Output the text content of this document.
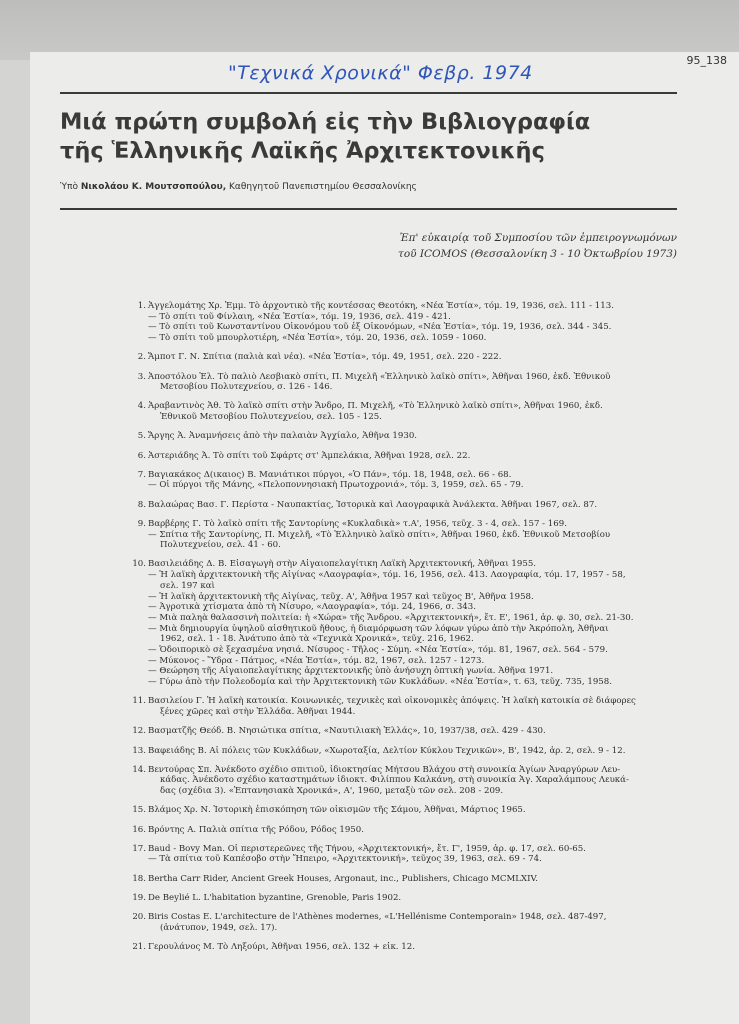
"Τεχνικά Χρονικά" Φεβρ. 1974
95_138
Μιά πρώτη συμβολή εἰς τὴν Βιβλιογραφία
τῆς Ἑλληνικῆς Λαϊκῆς Ἀρχιτεκτονικῆς
Ὑπὸ Νικολάου Κ. Μουτσοπούλου, Καθηγητοῦ Πανεπιστημίου Θεσσαλονίκης
Ἐπ' εὐκαιρίᾳ τοῦ Συμποσίου τῶν ἐμπειρογνωμόνων
τοῦ ICOMOS (Θεσσαλονίκη 3 - 10 Ὀκτωβρίου 1973)
1. Ἀγγελομάτης Χρ. Ἐμμ. Τὸ ἀρχοντικὸ τῆς κοντέσσας Θεοτόκη, «Νέα Ἑστία», τόμ. 19, 1936, σελ. 111 - 113.
— Τὸ σπίτι τοῦ Φίνλαιη, «Νέα Ἑστία», τόμ. 19, 1936, σελ. 419 - 421.
— Τὸ σπίτι τοῦ Κωνσταντίνου Οἰκονόμου τοῦ ἐξ Οἰκονόμων, «Νέα Ἑστία», τόμ. 19, 1936, σελ. 344 - 345.
— Τὸ σπίτι τοῦ μπουρλοτιέρη, «Νέα Ἑστία», τόμ. 20, 1936, σελ. 1059 - 1060.
2. Ἄμποτ Γ. Ν. Σπίτια (παλιὰ καὶ νέα). «Νέα Ἑστία», τόμ. 49, 1951, σελ. 220 - 222.
3. Ἀποστόλου Ἐλ. Τὸ παλιὸ Λεσβιακὸ σπίτι, Π. Μιχελῆ «Ἑλληνικὸ λαϊκὸ σπίτι», Ἀθῆναι 1960, ἐκδ. Ἐθνικοῦ
Μετσοβίου Πολυτεχνείου, σ. 126 - 146.
4. Ἀραβαντινὸς Ἀθ. Τὸ λαϊκὸ σπίτι στὴν Ἄνδρο, Π. Μιχελῆ, «Τὸ Ἑλληνικὸ λαϊκὸ σπίτι», Ἀθῆναι 1960, ἐκδ.
Ἐθνικοῦ Μετσοβίου Πολυτεχνείου, σελ. 105 - 125.
5. Ἄργης Ἀ. Ἀναμνήσεις ἀπὸ τὴν παλαιὰν Ἀγχίαλο, Ἀθῆνα 1930.
6. Ἀστεριάδης Ἀ. Τὸ σπίτι τοῦ Σφάρτς στ' Ἀμπελάκια, Ἀθῆναι 1928, σελ. 22.
7. Βαγιακάκος Δ(ικαιος) Β. Μανιάτικοι πύργοι, «Ὁ Πάν», τόμ. 18, 1948, σελ. 66 - 68.
— Οἱ πύργοι τῆς Μάνης, «Πελοποννησιακὴ Πρωτοχρονιά», τόμ. 3, 1959, σελ. 65 - 79.
8. Βαλαώρας Βασ. Γ. Περίστα - Ναυπακτίας, Ἱστορικὰ καὶ Λαογραφικὰ Ἀνάλεκτα. Ἀθῆναι 1967, σελ. 87.
9. Βαρβέρης Γ. Τὸ λαϊκὸ σπίτι τῆς Σαντορίνης «Κυκλαδικὰ» τ.Α', 1956, τεῦχ. 3 - 4, σελ. 157 - 169.
— Σπίτια τῆς Σαντορίνης, Π. Μιχελῆ, «Τὸ Ἑλληνικὸ λαϊκὸ σπίτι», Ἀθῆναι 1960, ἐκδ. Ἐθνικοῦ Μετσοβίου
Πολυτεχνείου, σελ. 41 - 60.
10. Βασιλειάδης Δ. Β. Εἰσαγωγὴ στὴν Αἰγαιοπελαγίτικη Λαϊκὴ Ἀρχιτεκτονική, Ἀθῆναι 1955.
— Ἡ λαϊκὴ ἀρχιτεκτονικὴ τῆς Αἰγίνας «Λαογραφία», τόμ. 16, 1956, σελ. 413. Λαογραφία, τόμ. 17, 1957 - 58,
σελ. 197 καὶ
— Ἡ λαϊκὴ ἀρχιτεκτονικὴ τῆς Αἰγίνας, τεῦχ. Α', Ἀθῆνα 1957 καὶ τεῦχος Β', Ἀθῆνα 1958.
— Ἀγροτικὰ χτίσματα ἀπὸ τὴ Νίσυρο, «Λαογραφία», τόμ. 24, 1966, σ. 343.
— Μιὰ παληὰ θαλασσινὴ πολιτεία: ἡ «Χώρα» τῆς Ἄνδρου. «Ἀρχιτεκτονική», ἔτ. Ε', 1961, ἀρ. φ. 30, σελ. 21-30.
— Μιὰ δημιουργία ὑψηλοῦ αἰσθητικοῦ ἤθους, ἡ διαμόρφωση τῶν λόφων γύρω ἀπὸ τὴν Ἀκρόπολη, Ἀθῆναι
1962, σελ. 1 - 18. Ἀνάτυπο ἀπὸ τὰ «Τεχνικὰ Χρονικά», τεῦχ. 216, 1962.
— Ὁδοιπορικὸ σὲ ξεχασμένα νησιά. Νίσυρος - Τῆλος - Σύμη. «Νέα Ἑστία», τόμ. 81, 1967, σελ. 564 - 579.
— Μύκονος - Ὕδρα - Πάτμος, «Νέα Ἑστία», τόμ. 82, 1967, σελ. 1257 - 1273.
— Θεώρηση τῆς Αἰγαιοπελαγίτικης ἀρχιτεκτονικῆς ὑπὸ ἀνήσυχη ὀπτικὴ γωνία. Ἀθῆνα 1971.
— Γύρω ἀπὸ τὴν Πολεοδομία καὶ τὴν Ἀρχιτεκτονικὴ τῶν Κυκλάδων. «Νέα Ἑστία», τ. 63, τεῦχ. 735, 1958.
11. Βασιλείου Γ. Ἡ λαϊκὴ κατοικία. Κοινωνικές, τεχνικὲς καὶ οἰκονομικὲς ἀπόψεις. Ἡ λαϊκὴ κατοικία σὲ διάφορες
ξένες χῶρες καὶ στὴν Ἑλλάδα. Ἀθῆναι 1944.
12. Βασματζῆς Θεόδ. Β. Νησιώτικα σπίτια, «Ναυτιλιακὴ Ἑλλάς», 10, 1937/38, σελ. 429 - 430.
13. Βαφειάδης Β. Αἱ πόλεις τῶν Κυκλάδων, «Χωροταξία, Δελτίον Κύκλου Τεχνικῶν», Β', 1942, ἀρ. 2, σελ. 9 - 12.
14. Βεντούρας Σπ. Ἀνέκδοτο σχέδιο σπιτιοῦ, ἰδιοκτησίας Μήτσου Βλάχου στὴ συνοικία Ἁγίων Ἀναργύρων Λευ-
κάδας. Ἀνέκδοτο σχέδιο καταστημάτων ἰδιοκτ. Φιλίππου Καλκάνη, στὴ συνοικία Ἁγ. Χαραλάμπους Λευκά-
δας (σχέδια 3). «Ἑπτανησιακὰ Χρονικά», Α', 1960, μεταξὺ τῶν σελ. 208 - 209.
15. Βλάμος Χρ. Ν. Ἱστορικὴ ἐπισκόπηση τῶν οἰκισμῶν τῆς Σάμου, Ἀθῆναι, Μάρτιος 1965.
16. Βρόντης Α. Παλιὰ σπίτια τῆς Ρόδου, Ρόδος 1950.
17. Baud - Bovy Man. Οἱ περιστερεῶνες τῆς Τήνου, «Ἀρχιτεκτονική», ἔτ. Γ', 1959, ἀρ. φ. 17, σελ. 60-65.
— Τὰ σπίτια τοῦ Καπέσοβο στὴν Ἤπειρο, «Ἀρχιτεκτονική», τεῦχος 39, 1963, σελ. 69 - 74.
18. Bertha Carr Rider, Ancient Greek Houses, Argonaut, inc., Publishers, Chicago MCMLXIV.
19. De Beylié L. L'habitation byzantine, Grenoble, Paris 1902.
20. Biris Costas E. L'architecture de l'Athènes modernes, «L'Hellénisme Contemporain» 1948, σελ. 487-497,
(ἀνάτυπον, 1949, σελ. 17).
21. Γερουλάνος Μ. Τὸ Ληξούρι, Ἀθῆναι 1956, σελ. 132 + εἰκ. 12.
